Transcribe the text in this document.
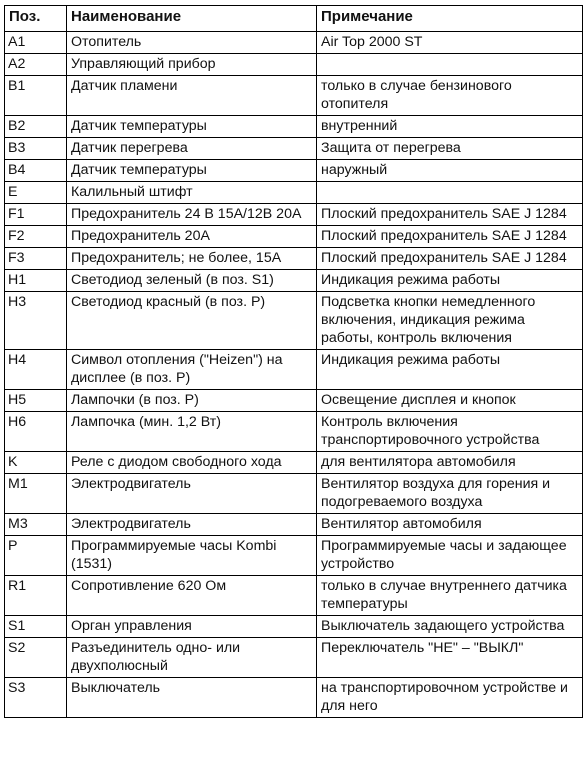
Поз.	Наименование	Примечание
A1	Отопитель	Air Top 2000 ST
A2	Управляющий прибор	
B1	Датчик пламени	только в случае бензинового отопителя
B2	Датчик температуры	внутренний
B3	Датчик перегрева	Защита от перегрева
B4	Датчик температуры	наружный
E	Калильный штифт	
F1	Предохранитель 24 В 15A/12В 20A	Плоский предохранитель SAE J 1284
F2	Предохранитель 20A	Плоский предохранитель SAE J 1284
F3	Предохранитель; не более, 15A	Плоский предохранитель SAE J 1284
H1	Светодиод зеленый (в поз. S1)	Индикация режима работы
H3	Светодиод красный (в поз. P)	Подсветка кнопки немедленного включения, индикация режима работы, контроль включения
H4	Символ отопления ("Heizen") на дисплее (в поз. P)	Индикация режима работы
H5	Лампочки (в поз. P)	Освещение дисплея и кнопок
H6	Лампочка (мин. 1,2 Вт)	Контроль включения транспортировочного устройства
K	Реле с диодом свободного хода	для вентилятора автомобиля
M1	Электродвигатель	Вентилятор воздуха для горения и подогреваемого воздуха
M3	Электродвигатель	Вентилятор автомобиля
P	Программируемые часы Kombi (1531)	Программируемые часы и задающее устройство
R1	Сопротивление 620 Ом	только в случае внутреннего датчика температуры
S1	Орган управления	Выключатель задающего устройства
S2	Разъединитель одно- или двухполюсный	Переключатель "НЕ" – "ВЫКЛ"
S3	Выключатель	на транспортировочном устройстве и для него
